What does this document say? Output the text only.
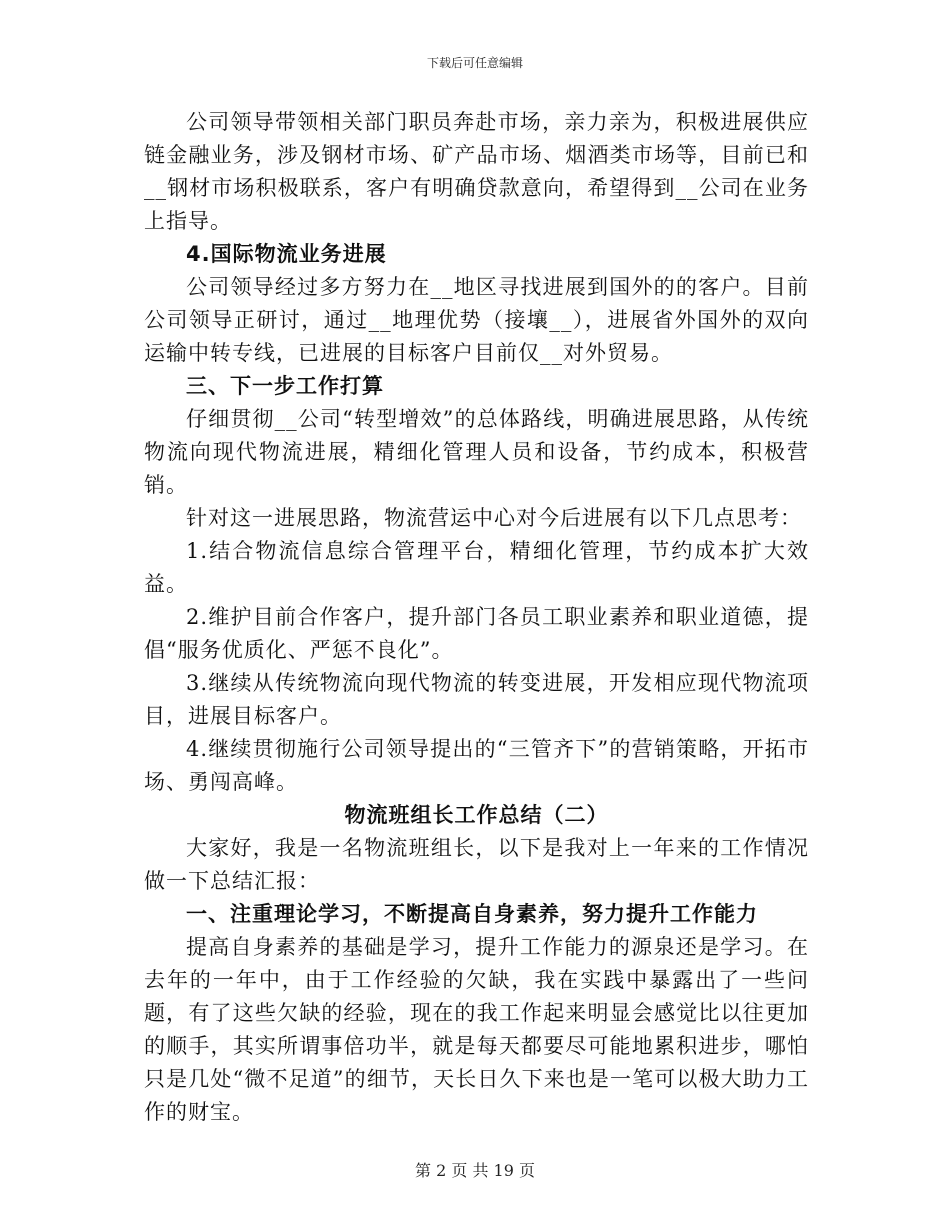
下载后可任意编辑

公司领导带领相关部门职员奔赴市场，亲力亲为，积极进展供应链金融业务，涉及钢材市场、矿产品市场、烟酒类市场等，目前已和__钢材市场积极联系，客户有明确贷款意向，希望得到__公司在业务上指导。

4.国际物流业务进展

公司领导经过多方努力在__地区寻找进展到国外的的客户。目前公司领导正研讨，通过__地理优势（接壤__），进展省外国外的双向运输中转专线，已进展的目标客户目前仅__对外贸易。

三、下一步工作打算

仔细贯彻__公司“转型增效”的总体路线，明确进展思路，从传统物流向现代物流进展，精细化管理人员和设备，节约成本，积极营销。

针对这一进展思路，物流营运中心对今后进展有以下几点思考：

1.结合物流信息综合管理平台，精细化管理，节约成本扩大效益。

2.维护目前合作客户，提升部门各员工职业素养和职业道德，提倡“服务优质化、严惩不良化”。

3.继续从传统物流向现代物流的转变进展，开发相应现代物流项目，进展目标客户。

4.继续贯彻施行公司领导提出的“三管齐下”的营销策略，开拓市场、勇闯高峰。

物流班组长工作总结（二）

大家好，我是一名物流班组长，以下是我对上一年来的工作情况做一下总结汇报：

一、注重理论学习，不断提高自身素养，努力提升工作能力

提高自身素养的基础是学习，提升工作能力的源泉还是学习。在去年的一年中，由于工作经验的欠缺，我在实践中暴露出了一些问题，有了这些欠缺的经验，现在的我工作起来明显会感觉比以往更加的顺手，其实所谓事倍功半，就是每天都要尽可能地累积进步，哪怕只是几处“微不足道”的细节，天长日久下来也是一笔可以极大助力工作的财宝。

第 2 页 共 19 页
